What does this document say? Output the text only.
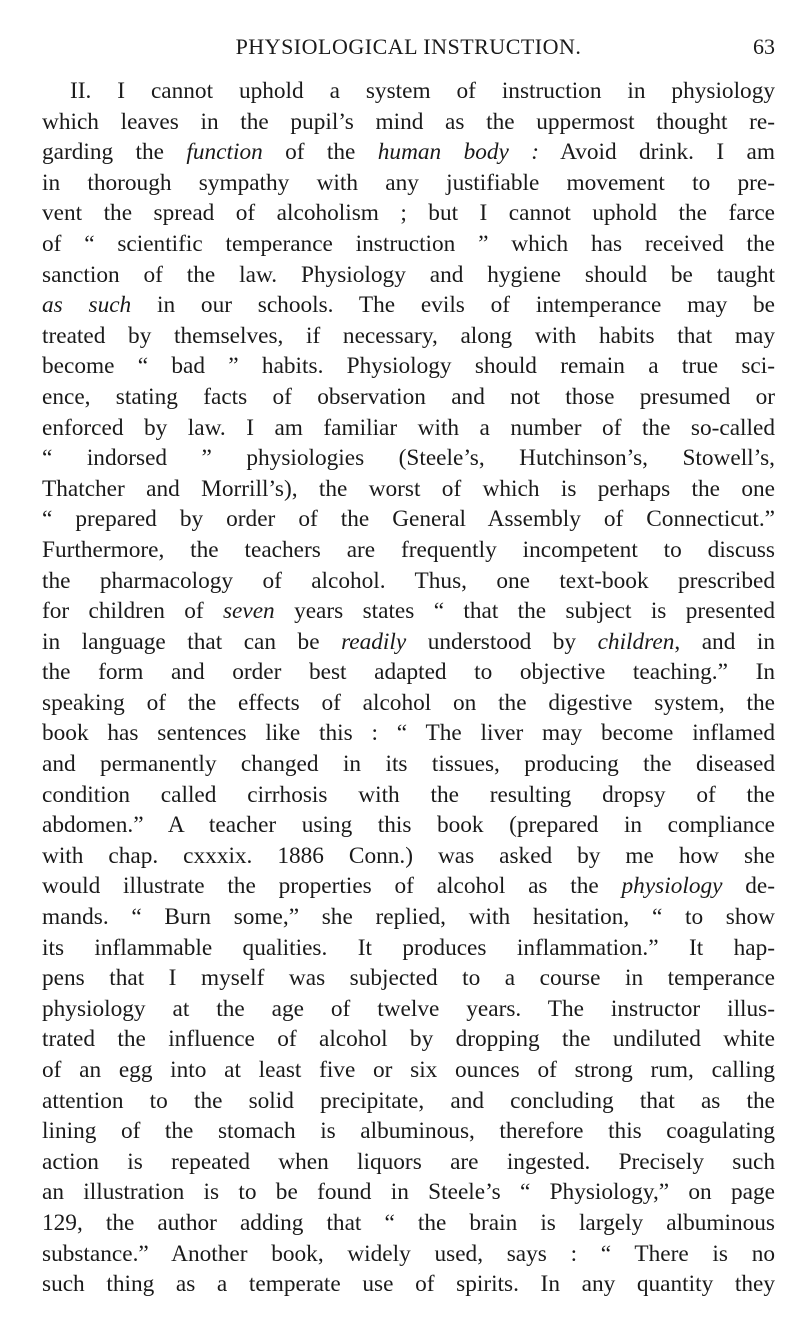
PHYSIOLOGICAL INSTRUCTION.	63
II. I cannot uphold a system of instruction in physiology
which leaves in the pupil’s mind as the uppermost thought re-
garding the function of the human body : Avoid drink. I am
in thorough sympathy with any justifiable movement to pre-
vent the spread of alcoholism ; but I cannot uphold the farce
of “ scientific temperance instruction ” which has received the
sanction of the law. Physiology and hygiene should be taught
as such in our schools. The evils of intemperance may be
treated by themselves, if necessary, along with habits that may
become “ bad ” habits. Physiology should remain a true sci-
ence, stating facts of observation and not those presumed or
enforced by law. I am familiar with a number of the so-called
“ indorsed ” physiologies (Steele’s, Hutchinson’s, Stowell’s,
Thatcher and Morrill’s), the worst of which is perhaps the one
“ prepared by order of the General Assembly of Connecticut.”
Furthermore, the teachers are frequently incompetent to discuss
the pharmacology of alcohol. Thus, one text-book prescribed
for children of seven years states “ that the subject is presented
in language that can be readily understood by children, and in
the form and order best adapted to objective teaching.” In
speaking of the effects of alcohol on the digestive system, the
book has sentences like this : “ The liver may become inflamed
and permanently changed in its tissues, producing the diseased
condition called cirrhosis with the resulting dropsy of the
abdomen.” A teacher using this book (prepared in compliance
with chap. cxxxix. 1886 Conn.) was asked by me how she
would illustrate the properties of alcohol as the physiology de-
mands. “ Burn some,” she replied, with hesitation, “ to show
its inflammable qualities. It produces inflammation.” It hap-
pens that I myself was subjected to a course in temperance
physiology at the age of twelve years. The instructor illus-
trated the influence of alcohol by dropping the undiluted white
of an egg into at least five or six ounces of strong rum, calling
attention to the solid precipitate, and concluding that as the
lining of the stomach is albuminous, therefore this coagulating
action is repeated when liquors are ingested. Precisely such
an illustration is to be found in Steele’s “ Physiology,” on page
129, the author adding that “ the brain is largely albuminous
substance.” Another book, widely used, says : “ There is no
such thing as a temperate use of spirits. In any quantity they
